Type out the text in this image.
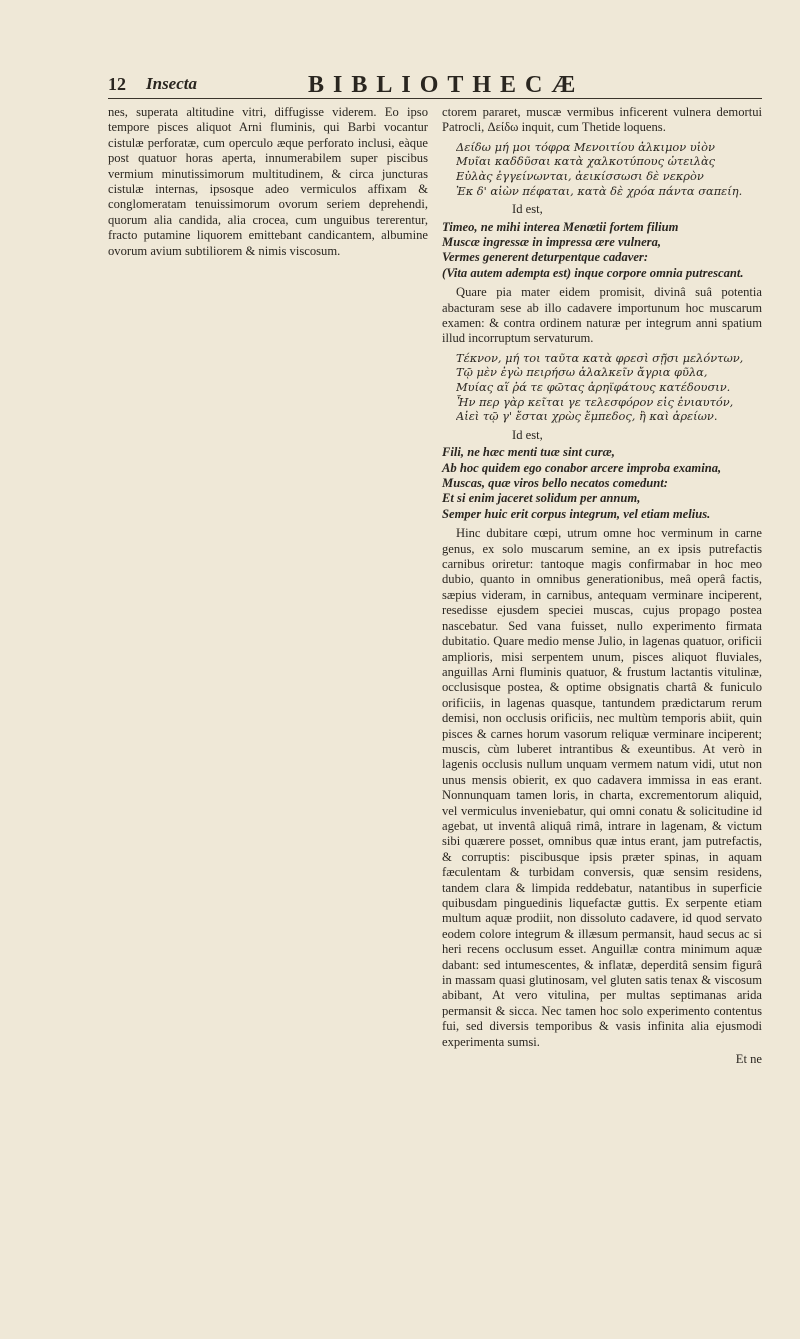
12 Insecta	BIBLIOTHECÆ

nes, superata altitudine vitri, diffugisse viderem. Eo ipso tempore pisces aliquot Arni fluminis, qui Barbi vocantur cistulæ perforatæ, cum operculo æque perforato inclusi, eàque post quatuor horas aperta, innumerabilem super piscibus vermium minutissimorum multitudinem, & circa juncturas cistulæ internas, ipsosque adeo vermiculos affixam & conglomeratam tenuissimorum ovorum seriem deprehendi, quorum alia candida, alia crocea, cum unguibus tererentur, fracto putamine liquorem emittebant candicantem, albumine ovorum avium subtiliorem & nimis viscosum.

ctorem pararet, muscæ vermibus inficerent vulnera demortui Patrocli, Δείδω inquit, cum Thetide loquens.

Δείδω μή μοι τόφρα Μενοιτίου ἀλκιμον υἱὸν
Μυῖαι καδδῦσαι κατὰ χαλκοτύπους ὠτειλὰς
Εὐλὰς ἐγγείνωνται, ἀεικίσσωσι δὲ νεκρὸν
Ἐκ δ' αἰὼν πέφαται, κατὰ δὲ χρόα πάντα σαπείη.

Id est,

Timeo, ne mihi interea Menœtii fortem filium
Muscæ ingressæ in impressa ære vulnera,
Vermes generent deturpentque cadaver:
(Vita autem adempta est) inque corpore omnia putrescant.

Quare pia mater eidem promisit, divinâ suâ potentia abacturam sese ab illo cadavere importunum hoc muscarum examen: & contra ordinem naturæ per integrum anni spatium illud incorruptum servaturum.

Τέκνον, μή τοι ταῦτα κατὰ φρεσὶ σῇσι μελόντων,
Τῷ μὲν ἐγὼ πειρήσω ἀλαλκεῖν ἄγρια φῦλα,
Μυίας αἵ ῥά τε φῶτας ἀρηϊφάτους κατέδουσιν.
Ἦν περ γὰρ κεῖται γε τελεσφόρον εἰς ἐνιαυτόν,
Αἰεὶ τῷ γ' ἔσται χρὼς ἔμπεδος, ἢ καὶ ἀρείων.

Id est,

Fili, ne hæc menti tuæ sint curæ,
Ab hoc quidem ego conabor arcere improba examina,
Muscas, quæ viros bello necatos comedunt:
Et si enim jaceret solidum per annum,
Semper huic erit corpus integrum, vel etiam melius.

Hinc dubitare cœpi, utrum omne hoc verminum in carne genus, ex solo muscarum semine, an ex ipsis putrefactis carnibus oriretur: tantoque magis confirmabar in hoc meo dubio, quanto in omnibus generationibus, meâ operâ factis, sæpius videram, in carnibus, antequam verminare inciperent, resedisse ejusdem speciei muscas, cujus propago postea nascebatur. Sed vana fuisset, nullo experimento firmata dubitatio. Quare medio mense Julio, in lagenas quatuor, orificii amplioris, misi serpentem unum, pisces aliquot fluviales, anguillas Arni fluminis quatuor, & frustum lactantis vitulinæ, occlusisque postea, & optime obsignatis chartâ & funiculo orificiis, in lagenas quasque, tantundem prædictarum rerum demisi, non occlusis orificiis, nec multùm temporis abiit, quin pisces & carnes horum vasorum reliquæ verminare inciperent; muscis, cùm luberet intrantibus & exeuntibus. At verò in lagenis occlusis nullum unquam vermem natum vidi, utut non unus mensis obierit, ex quo cadavera immissa in eas erant. Nonnunquam tamen loris, in charta, excrementorum aliquid, vel vermiculus inveniebatur, qui omni conatu & solicitudine id agebat, ut inventâ aliquâ rimâ, intrare in lagenam, & victum sibi quærere posset, omnibus quæ intus erant, jam putrefactis, & corruptis: piscibusque ipsis præter spinas, in aquam fæculentam & turbidam conversis, quæ sensim residens, tandem clara & limpida reddebatur, natantibus in superficie quibusdam pinguedinis liquefactæ guttis. Ex serpente etiam multum aquæ prodiit, non dissoluto cadavere, id quod servato eodem colore integrum & illæsum permansit, haud secus ac si heri recens occlusum esset. Anguillæ contra minimum aquæ dabant: sed intumescentes, & inflatæ, deperditâ sensim figurâ in massam quasi glutinosam, vel gluten satis tenax & viscosum abibant, At vero vitulina, per multas septimanas arida permansit & sicca. Nec tamen hoc solo experimento contentus fui, sed diversis temporibus & vasis infinita alia ejusmodi experimenta sumsi.

Et ne
